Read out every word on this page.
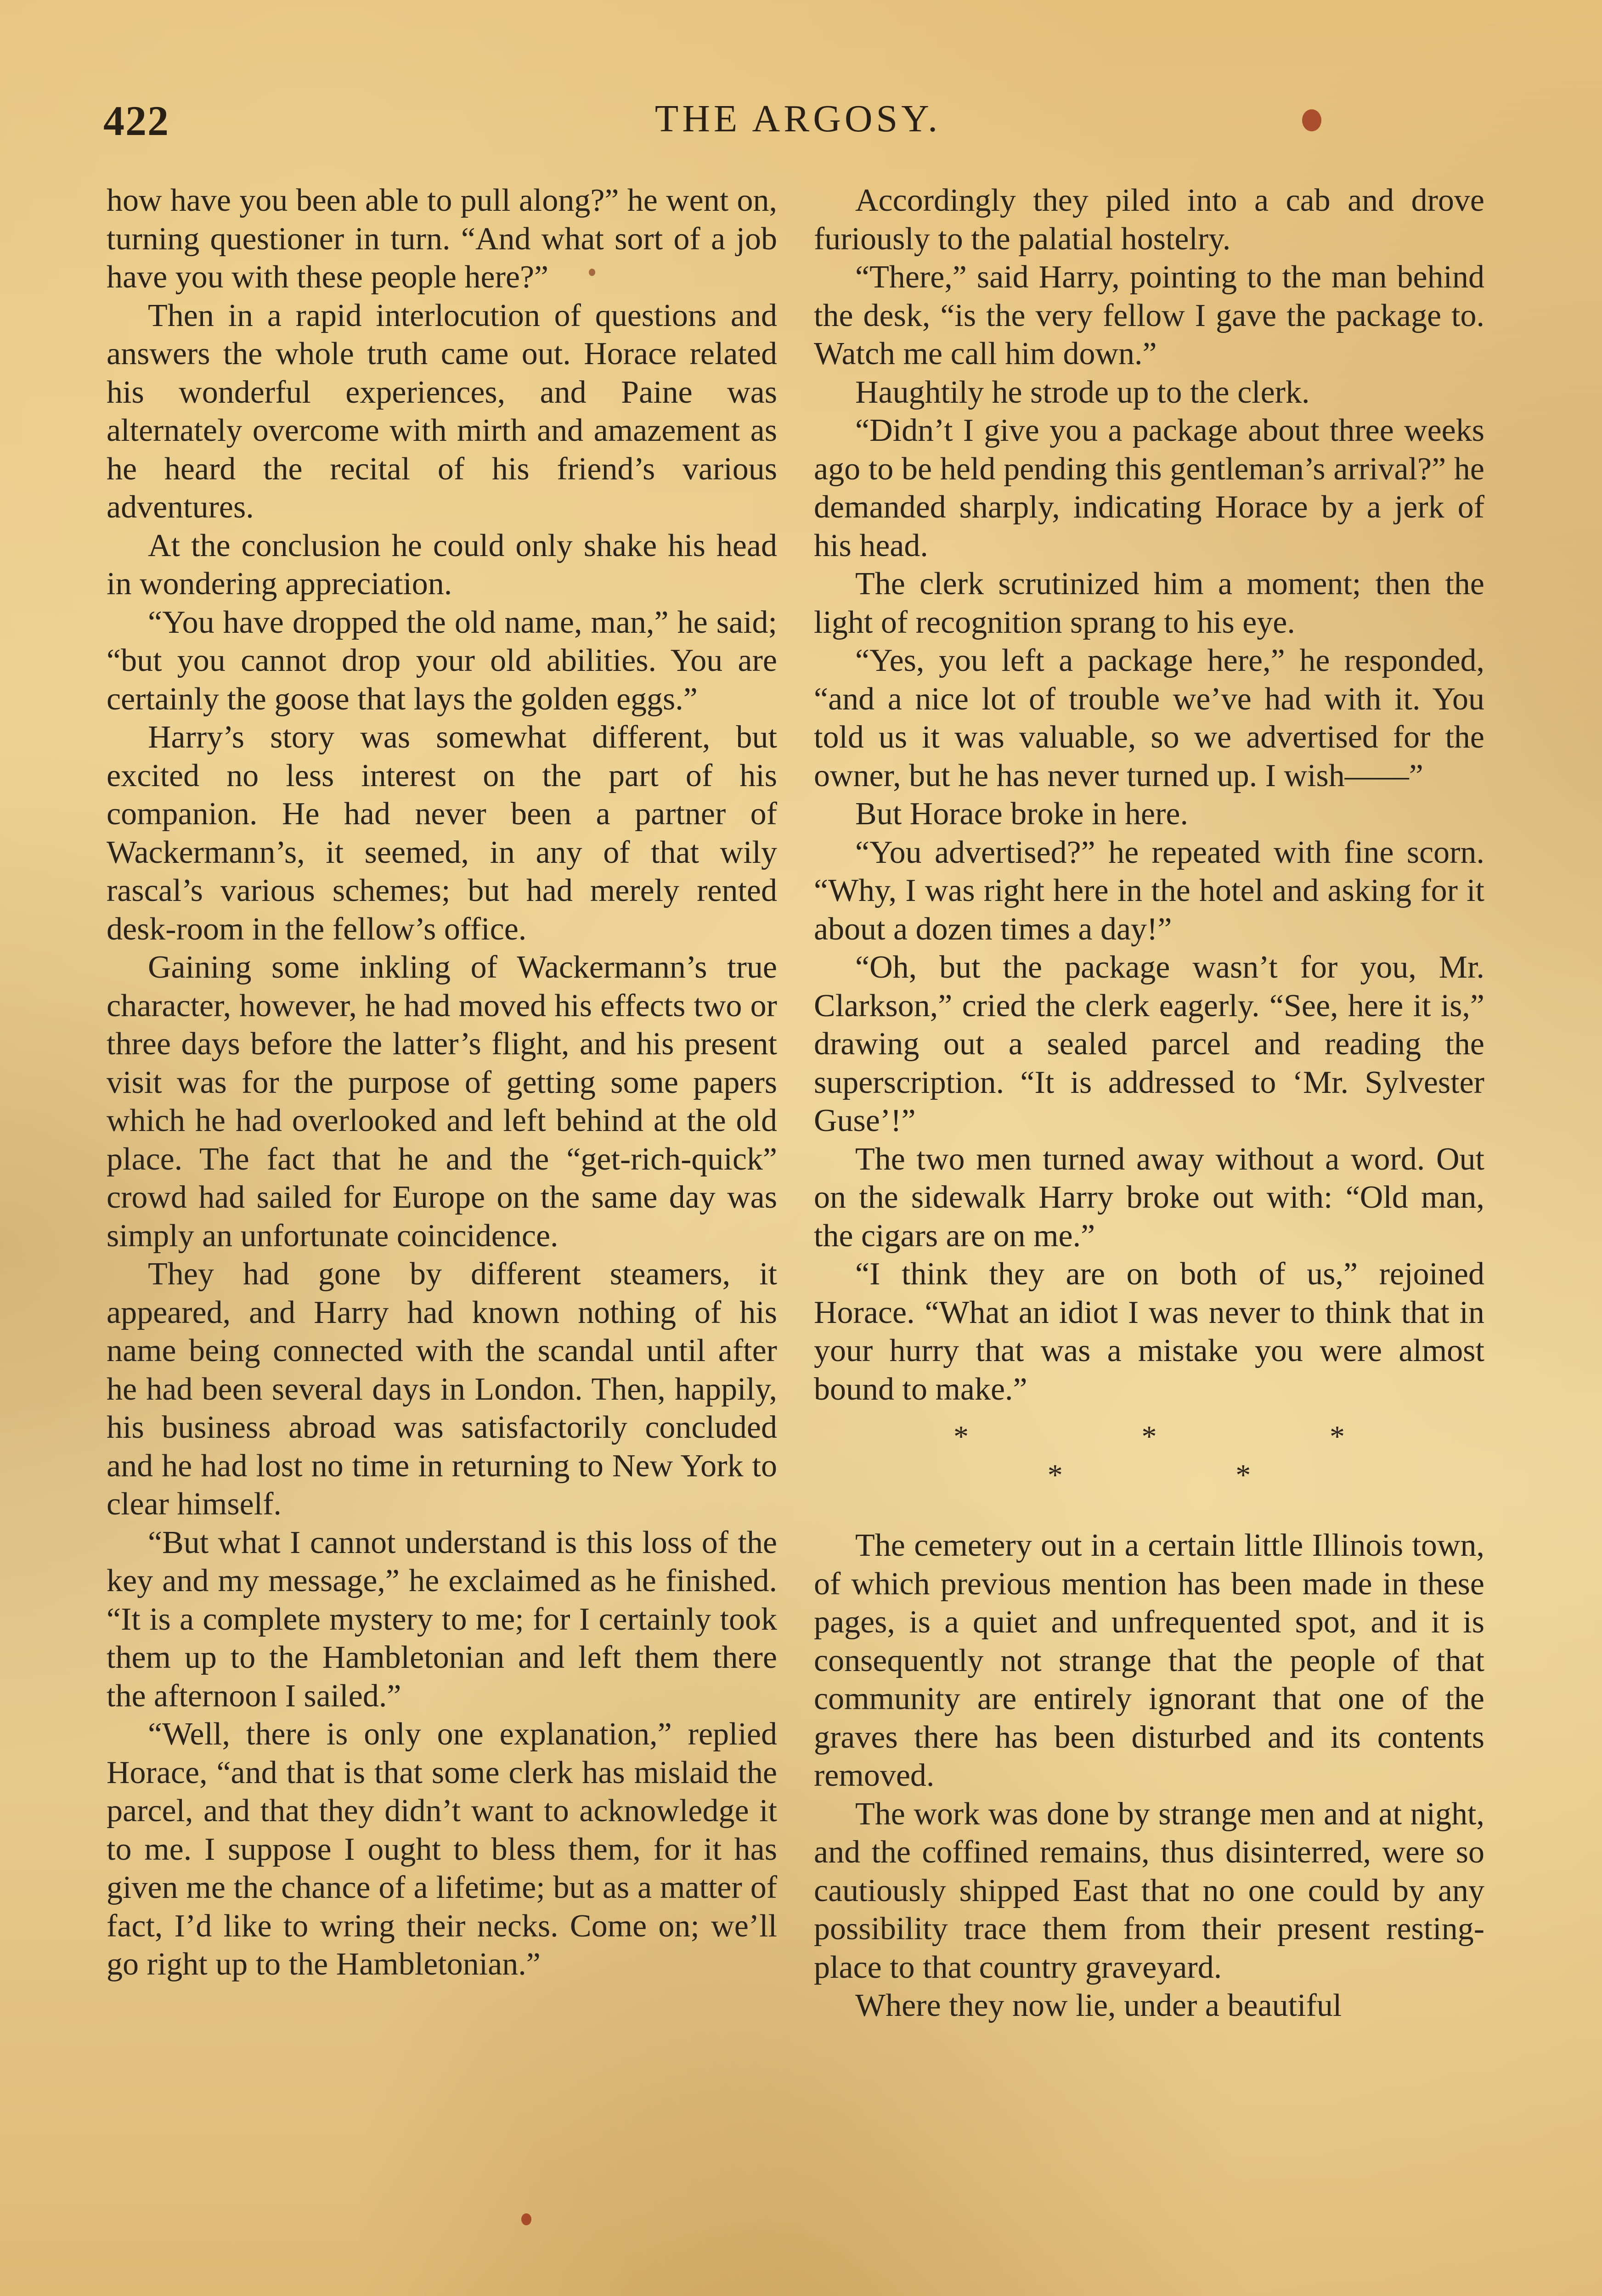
422	THE ARGOSY.

how have you been able to pull along?” he went on, turning questioner in turn. “And what sort of a job have you with these people here?”

Then in a rapid interlocution of questions and answers the whole truth came out. Horace related his wonderful experiences, and Paine was alternately overcome with mirth and amazement as he heard the recital of his friend’s various adventures.

At the conclusion he could only shake his head in wondering appreciation.

“You have dropped the old name, man,” he said; “but you cannot drop your old abilities. You are certainly the goose that lays the golden eggs.”

Harry’s story was somewhat different, but excited no less interest on the part of his companion. He had never been a partner of Wackermann’s, it seemed, in any of that wily rascal’s various schemes; but had merely rented desk-room in the fellow’s office.

Gaining some inkling of Wackermann’s true character, however, he had moved his effects two or three days before the latter’s flight, and his present visit was for the purpose of getting some papers which he had overlooked and left behind at the old place. The fact that he and the “get-rich-quick” crowd had sailed for Europe on the same day was simply an unfortunate coincidence.

They had gone by different steamers, it appeared, and Harry had known nothing of his name being connected with the scandal until after he had been several days in London. Then, happily, his business abroad was satisfactorily concluded and he had lost no time in returning to New York to clear himself.

“But what I cannot understand is this loss of the key and my message,” he exclaimed as he finished. “It is a complete mystery to me; for I certainly took them up to the Hambletonian and left them there the afternoon I sailed.”

“Well, there is only one explanation,” replied Horace, “and that is that some clerk has mislaid the parcel, and that they didn’t want to acknowledge it to me. I suppose I ought to bless them, for it has given me the chance of a lifetime; but as a matter of fact, I’d like to wring their necks. Come on; we’ll go right up to the Hambletonian.”

Accordingly they piled into a cab and drove furiously to the palatial hostelry.

“There,” said Harry, pointing to the man behind the desk, “is the very fellow I gave the package to. Watch me call him down.”

Haughtily he strode up to the clerk.

“Didn’t I give you a package about three weeks ago to be held pending this gentleman’s arrival?” he demanded sharply, indicating Horace by a jerk of his head.

The clerk scrutinized him a moment; then the light of recognition sprang to his eye.

“Yes, you left a package here,” he responded, “and a nice lot of trouble we’ve had with it. You told us it was valuable, so we advertised for the owner, but he has never turned up. I wish——”

But Horace broke in here.

“You advertised?” he repeated with fine scorn. “Why, I was right here in the hotel and asking for it about a dozen times a day!”

“Oh, but the package wasn’t for you, Mr. Clarkson,” cried the clerk eagerly. “See, here it is,” drawing out a sealed parcel and reading the superscription. “It is addressed to ‘Mr. Sylvester Guse’!”

The two men turned away without a word. Out on the sidewalk Harry broke out with: “Old man, the cigars are on me.”

“I think they are on both of us,” rejoined Horace. “What an idiot I was never to think that in your hurry that was a mistake you were almost bound to make.”

* * * * *

The cemetery out in a certain little Illinois town, of which previous mention has been made in these pages, is a quiet and unfrequented spot, and it is consequently not strange that the people of that community are entirely ignorant that one of the graves there has been disturbed and its contents removed.

The work was done by strange men and at night, and the coffined remains, thus disinterred, were so cautiously shipped East that no one could by any possibility trace them from their present resting-place to that country graveyard.

Where they now lie, under a beautiful
